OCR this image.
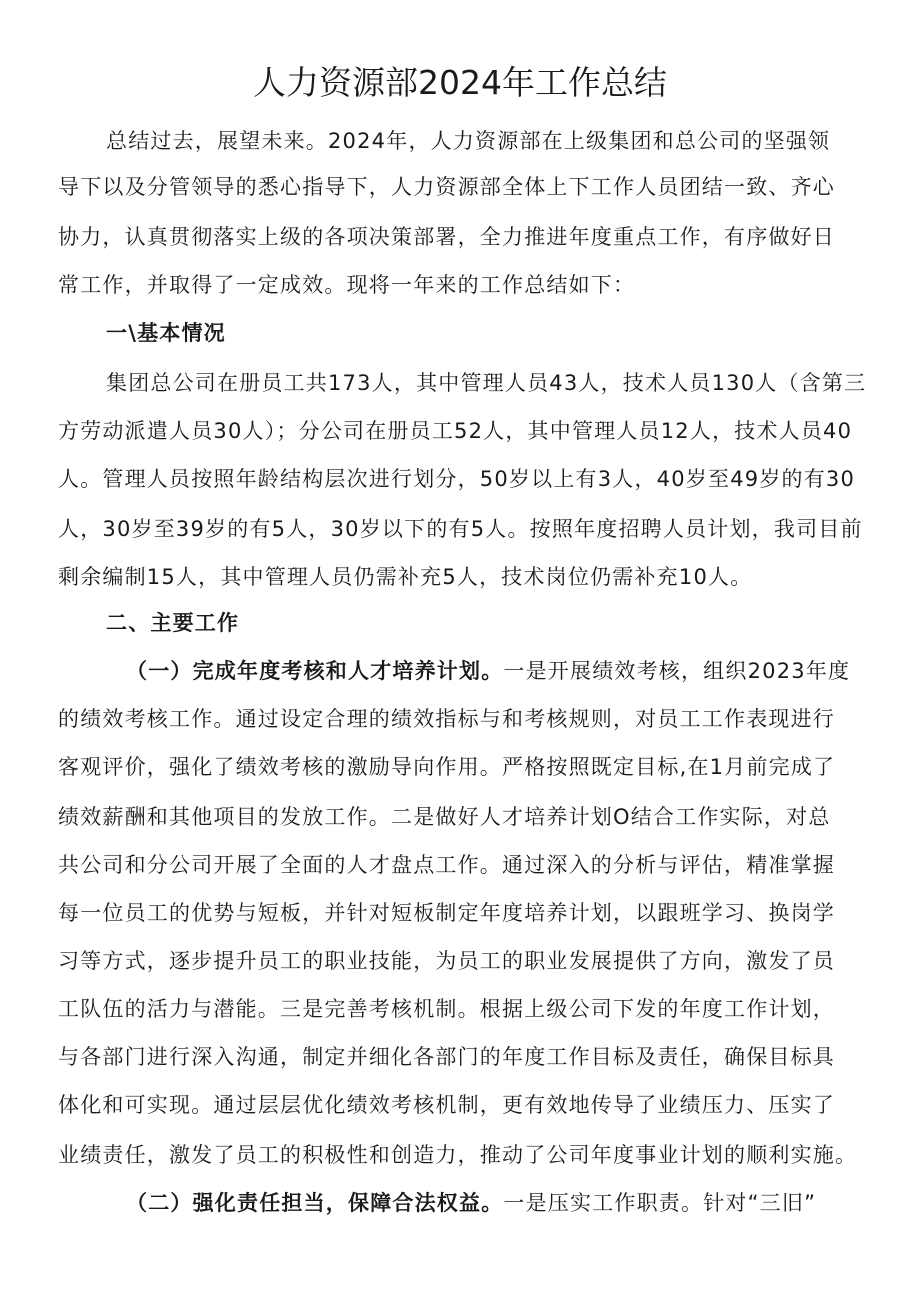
人力资源部2024年工作总结
总结过去，展望未来。2024年，人力资源部在上级集团和总公司的坚强领
导下以及分管领导的悉心指导下，人力资源部全体上下工作人员团结一致、齐心
协力，认真贯彻落实上级的各项决策部署，全力推进年度重点工作，有序做好日
常工作，并取得了一定成效。现将一年来的工作总结如下：
一\基本情况
集团总公司在册员工共173人，其中管理人员43人，技术人员130人（含第三
方劳动派遣人员30人）；分公司在册员工52人，其中管理人员12人，技术人员40
人。管理人员按照年龄结构层次进行划分，50岁以上有3人，40岁至49岁的有30
人，30岁至39岁的有5人，30岁以下的有5人。按照年度招聘人员计划，我司目前
剩余编制15人，其中管理人员仍需补充5人，技术岗位仍需补充10人。
二、主要工作
（一）完成年度考核和人才培养计划。一是开展绩效考核，组织2023年度
的绩效考核工作。通过设定合理的绩效指标与和考核规则，对员工工作表现进行
客观评价，强化了绩效考核的激励导向作用。严格按照既定目标,在1月前完成了
绩效薪酬和其他项目的发放工作。二是做好人才培养计划O结合工作实际，对总
共公司和分公司开展了全面的人才盘点工作。通过深入的分析与评估，精准掌握
每一位员工的优势与短板，并针对短板制定年度培养计划，以跟班学习、换岗学
习等方式，逐步提升员工的职业技能，为员工的职业发展提供了方向，激发了员
工队伍的活力与潜能。三是完善考核机制。根据上级公司下发的年度工作计划，
与各部门进行深入沟通，制定并细化各部门的年度工作目标及责任，确保目标具
体化和可实现。通过层层优化绩效考核机制，更有效地传导了业绩压力、压实了
业绩责任，激发了员工的积极性和创造力，推动了公司年度事业计划的顺利实施。
（二）强化责任担当，保障合法权益。一是压实工作职责。针对“三旧”
